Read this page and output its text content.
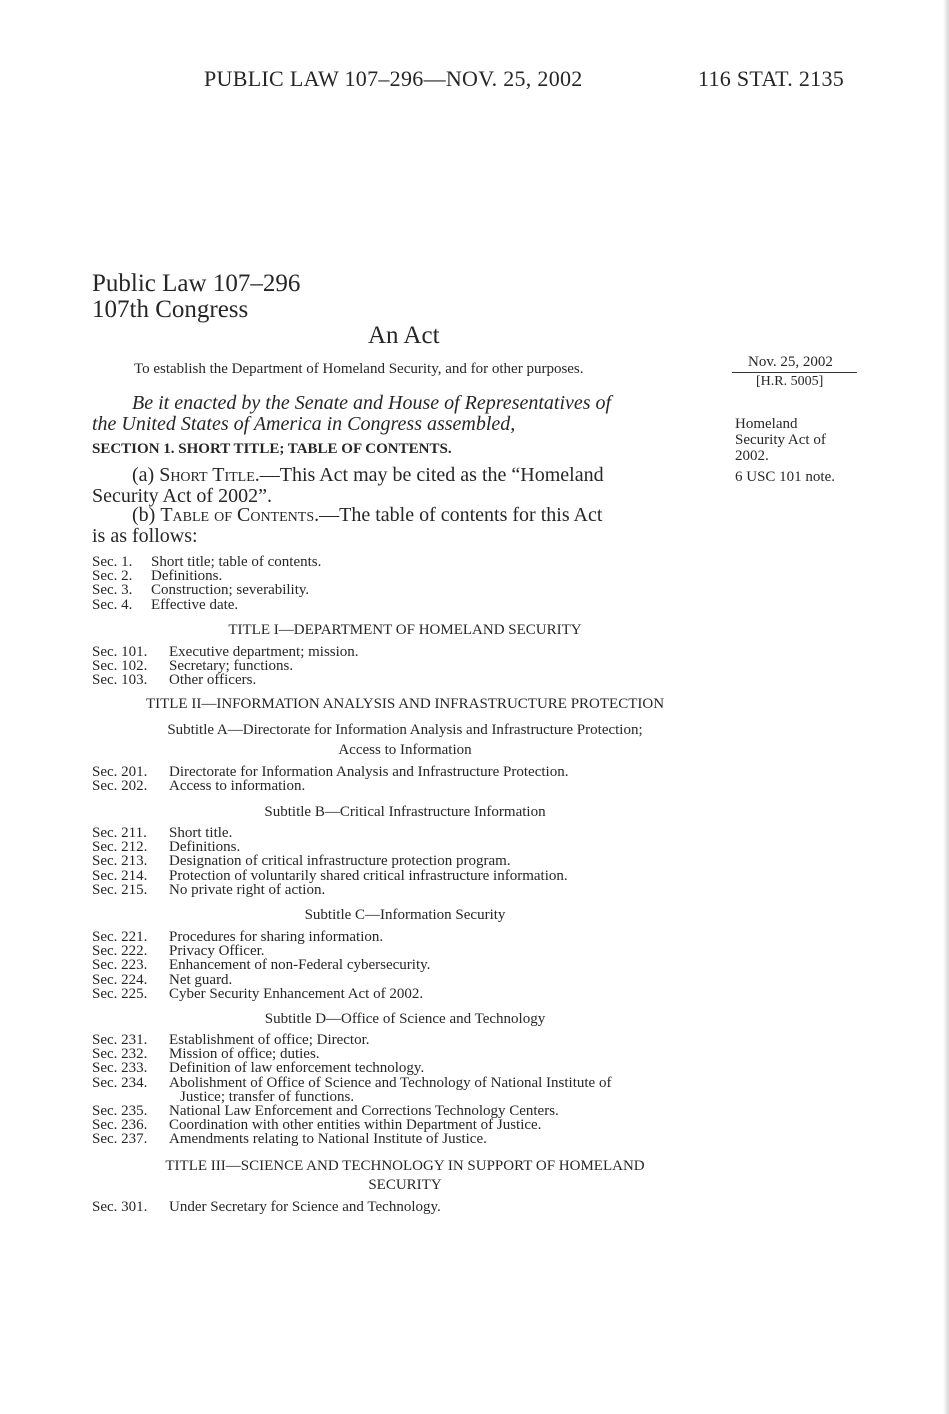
PUBLIC LAW 107–296—NOV. 25, 2002	116 STAT. 2135
Public Law 107–296
107th Congress
An Act
To establish the Department of Homeland Security, and for other purposes.
Be it enacted by the Senate and House of Representatives of
the United States of America in Congress assembled,
SECTION 1. SHORT TITLE; TABLE OF CONTENTS.
(a) Short Title.—This Act may be cited as the “Homeland
Security Act of 2002”.
(b) Table of Contents.—The table of contents for this Act
is as follows:
Nov. 25, 2002
[H.R. 5005]
Homeland Security Act of 2002.
6 USC 101 note.
Sec. 1.	Short title; table of contents.
Sec. 2.	Definitions.
Sec. 3.	Construction; severability.
Sec. 4.	Effective date.
TITLE I—DEPARTMENT OF HOMELAND SECURITY
Sec. 101.	Executive department; mission.
Sec. 102.	Secretary; functions.
Sec. 103.	Other officers.
TITLE II—INFORMATION ANALYSIS AND INFRASTRUCTURE PROTECTION
Subtitle A—Directorate for Information Analysis and Infrastructure Protection;
Access to Information
Sec. 201.	Directorate for Information Analysis and Infrastructure Protection.
Sec. 202.	Access to information.
Subtitle B—Critical Infrastructure Information
Sec. 211.	Short title.
Sec. 212.	Definitions.
Sec. 213.	Designation of critical infrastructure protection program.
Sec. 214.	Protection of voluntarily shared critical infrastructure information.
Sec. 215.	No private right of action.
Subtitle C—Information Security
Sec. 221.	Procedures for sharing information.
Sec. 222.	Privacy Officer.
Sec. 223.	Enhancement of non-Federal cybersecurity.
Sec. 224.	Net guard.
Sec. 225.	Cyber Security Enhancement Act of 2002.
Subtitle D—Office of Science and Technology
Sec. 231.	Establishment of office; Director.
Sec. 232.	Mission of office; duties.
Sec. 233.	Definition of law enforcement technology.
Sec. 234.	Abolishment of Office of Science and Technology of National Institute of
Justice; transfer of functions.
Sec. 235.	National Law Enforcement and Corrections Technology Centers.
Sec. 236.	Coordination with other entities within Department of Justice.
Sec. 237.	Amendments relating to National Institute of Justice.
TITLE III—SCIENCE AND TECHNOLOGY IN SUPPORT OF HOMELAND
SECURITY
Sec. 301.	Under Secretary for Science and Technology.
